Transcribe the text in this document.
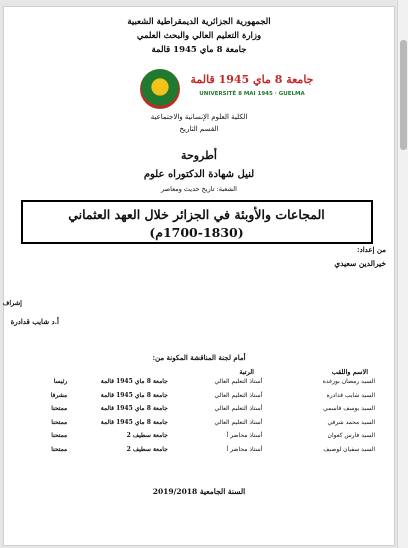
الجمهورية الجزائرية الديمقراطية الشعبية
وزارة التعليم العالي والبحث العلمي
جامعة 8 ماي 1945 قالمة
جامعة 8 ماي 1945 قالمة
UNIVERSITÉ 8 MAI 1945 · GUELMA
الكلية العلوم الإنسانية والاجتماعية
القسم التاريخ
أطروحة
لنيل شهادة الدكتوراه علوم
الشعبة: تاريخ حديث ومعاصر
المجاعات والأوبئة في الجزائر خلال العهد العثماني
(1700-1830م)
من إعداد:
خيرالدين سعيدي
إشراف
أ.د شايب قدادرة
أمام لجنة المناقشة المكونة من:
الاسم واللقب
الرتبة
السيد رمضان بورغدة	أستاذ التعليم العالي	جامعة 8 ماي 1945 قالمة	رئيسا
السيد شايب قدادرة	أستاذ التعليم العالي	جامعة 8 ماي 1945 قالمة	مشرفا
السيد يوسف قاسمي	أستاذ التعليم العالي	جامعة 8 ماي 1945 قالمة	ممتحنا
السيد محمد شرقي	أستاذ التعليم العالي	جامعة 8 ماي 1945 قالمة	ممتحنا
السيد فارس كعوان	أستاذ محاضر أ	جامعة سطيف 2	ممتحنا
السيد سفيان لوصيف	أستاذ محاضر أ	جامعة سطيف 2	ممتحنا
السنة الجامعية 2019/2018
